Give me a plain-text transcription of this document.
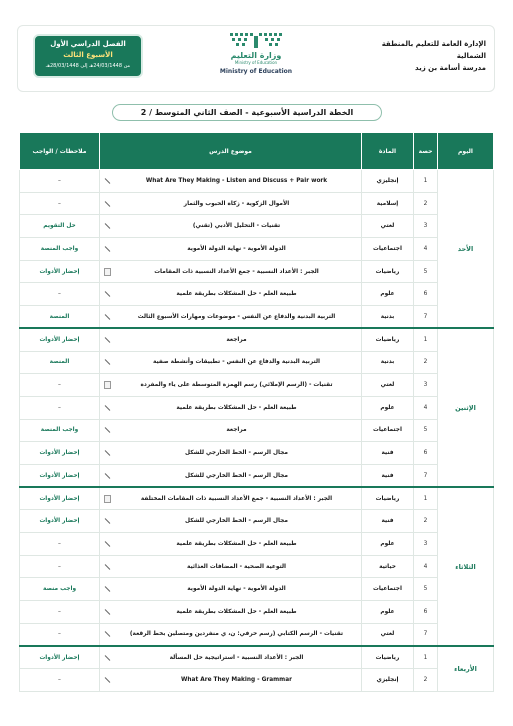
الفصل الدراسي الأول
الأسبوع الثالث
من 24/03/1448هـ إلى 28/03/1448هـ
وزارة التعليم
Ministry of Education
Ministry of Education
الإدارة العامة للتعليم بالمنطقة
الشمالية
مدرسة أسامة بن زيد
الخطة الدراسية الأسبوعية - الصف الثاني المتوسط / 2
اليوم	حصة	المادة	موضوع الدرس	ملاحظات / الواجب
الأحد	1	إنجليزي	What Are They Making - Listen and Discuss + Pair work	–
	2	إسلامية	الأموال الزكوية - زكاة الحبوب والثمار	–
	3	لغتي	تقنيات - التحليل الأدبي (تقني)	حل التقويم
	4	اجتماعيات	الدولة الأموية - نهاية الدولة الأموية	واجب المنصة
	5	رياضيات	الجبر : الأعداد النسبية - جمع الأعداد النسبية ذات المقامات	إحضار الأدوات
	6	علوم	طبيعة العلم - حل المشكلات بطريقة علمية	–
	7	بدنية	التربية البدنية والدفاع عن النفس - موضوعات ومهارات الأسبوع الثالث	المنصة
الإثنين	1	رياضيات	مراجعة	إحضار الأدوات
	2	بدنية	التربية البدنية والدفاع عن النفس - تطبيقات وأنشطة صفية	المنصة
	3	لغتي	تقنيات - (الرسم الإملائي) رسم الهمزة المتوسطة على ياء والمفردة	–
	4	علوم	طبيعة العلم - حل المشكلات بطريقة علمية	–
	5	اجتماعيات	مراجعة	واجب المنصة
	6	فنية	مجال الرسم - الخط الخارجي للشكل	إحضار الأدوات
	7	فنية	مجال الرسم - الخط الخارجي للشكل	إحضار الأدوات
الثلاثاء	1	رياضيات	الجبر : الأعداد النسبية - جمع الأعداد النسبية ذات المقامات المختلفة	إحضار الأدوات
	2	فنية	مجال الرسم - الخط الخارجي للشكل	إحضار الأدوات
	3	علوم	طبيعة العلم - حل المشكلات بطريقة علمية	–
	4	حياتية	التوعية الصحية - المضافات الغذائية	–
	5	اجتماعيات	الدولة الأموية - نهاية الدولة الأموية	واجب منصة
	6	علوم	طبيعة العلم - حل المشكلات بطريقة علمية	–
	7	لغتي	تقنيات - الرسم الكتابي (رسم حرفي: ن، ي منفردين ومتصلين بخط الرقعة)	–
الأربعاء	1	رياضيات	الجبر : الأعداد النسبية - استراتيجية حل المسألة	إحضار الأدوات
	2	إنجليزي	What Are They Making - Grammar	–
